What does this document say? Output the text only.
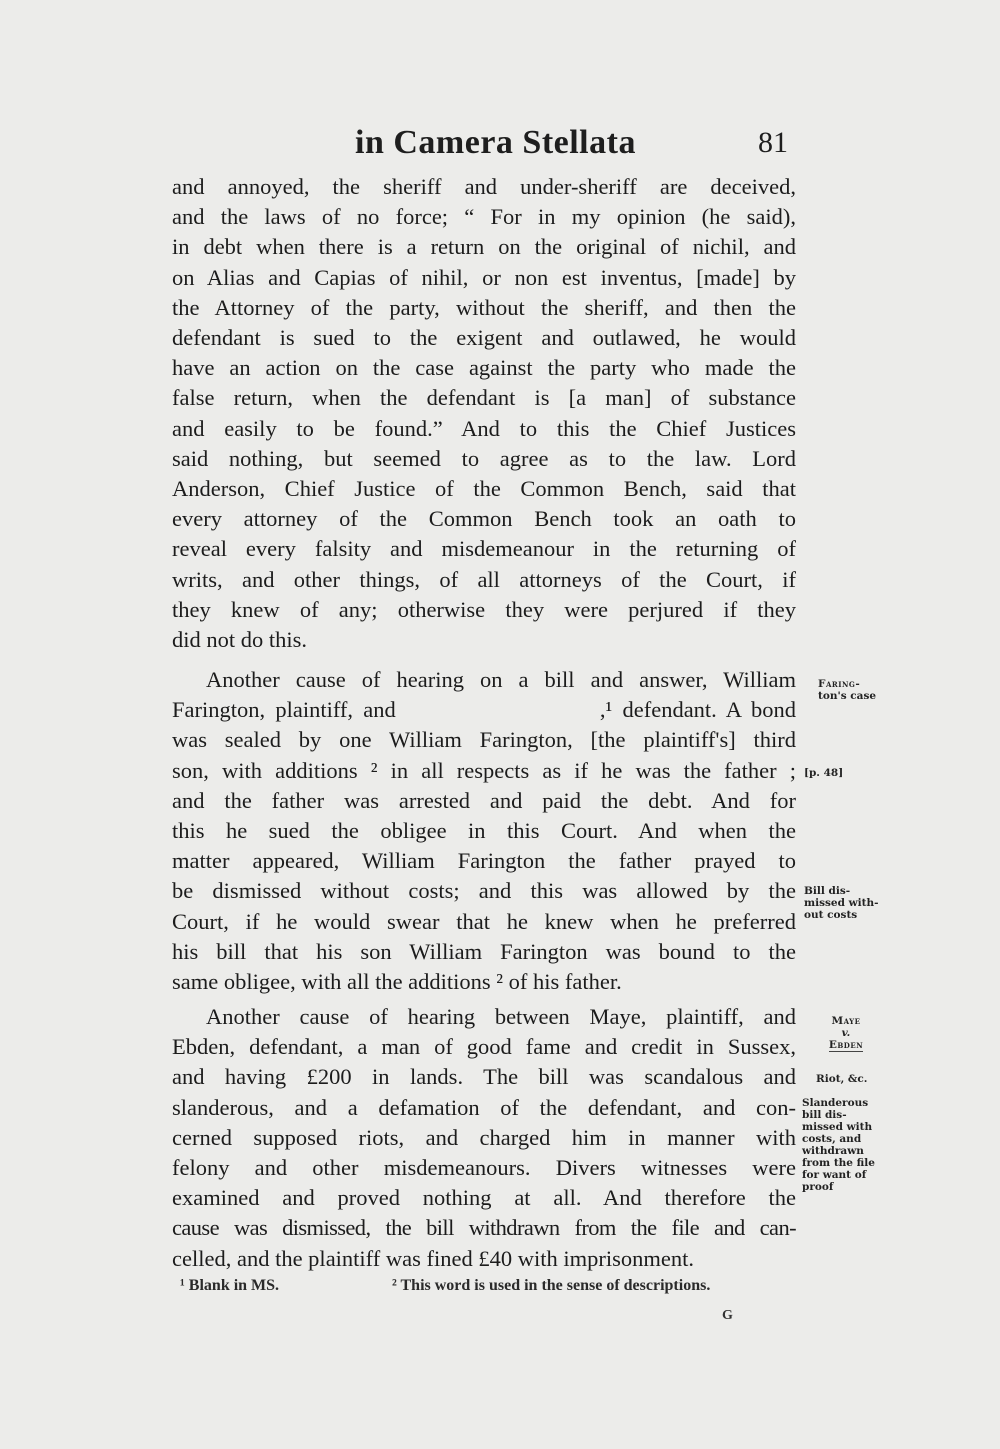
in Camera Stellata	81
and annoyed, the sheriff and under-sheriff are deceived,
and the laws of no force; “ For in my opinion (he said),
in debt when there is a return on the original of nichil, and
on Alias and Capias of nihil, or non est inventus, [made] by
the Attorney of the party, without the sheriff, and then the
defendant is sued to the exigent and outlawed, he would
have an action on the case against the party who made the
false return, when the defendant is [a man] of substance
and easily to be found.” And to this the Chief Justices
said nothing, but seemed to agree as to the law. Lord
Anderson, Chief Justice of the Common Bench, said that
every attorney of the Common Bench took an oath to
reveal every falsity and misdemeanour in the returning of
writs, and other things, of all attorneys of the Court, if
they knew of any; otherwise they were perjured if they
did not do this.
Another cause of hearing on a bill and answer, William
Farington, plaintiff, and                    ,¹ defendant. A bond
was sealed by one William Farington, [the plaintiff's] third
son, with additions ² in all respects as if he was the father ;
and the father was arrested and paid the debt. And for
this he sued the obligee in this Court. And when the
matter appeared, William Farington the father prayed to
be dismissed without costs; and this was allowed by the
Court, if he would swear that he knew when he preferred
his bill that his son William Farington was bound to the
same obligee, with all the additions ² of his father.
Another cause of hearing between Maye, plaintiff, and
Ebden, defendant, a man of good fame and credit in Sussex,
and having £200 in lands. The bill was scandalous and
slanderous, and a defamation of the defendant, and con-
cerned supposed riots, and charged him in manner with
felony and other misdemeanours. Divers witnesses were
examined and proved nothing at all. And therefore the
cause was dismissed, the bill withdrawn from the file and can-
celled, and the plaintiff was fined £40 with imprisonment.
Faring-
ton's case
[p. 48]
Bill dis-
missed with-
out costs
Maye
v.
Ebden
Riot, &c.
Slanderous
bill dis-
missed with
costs, and
withdrawn
from the file
for want of
proof
¹ Blank in MS.	² This word is used in the sense of descriptions.
G
